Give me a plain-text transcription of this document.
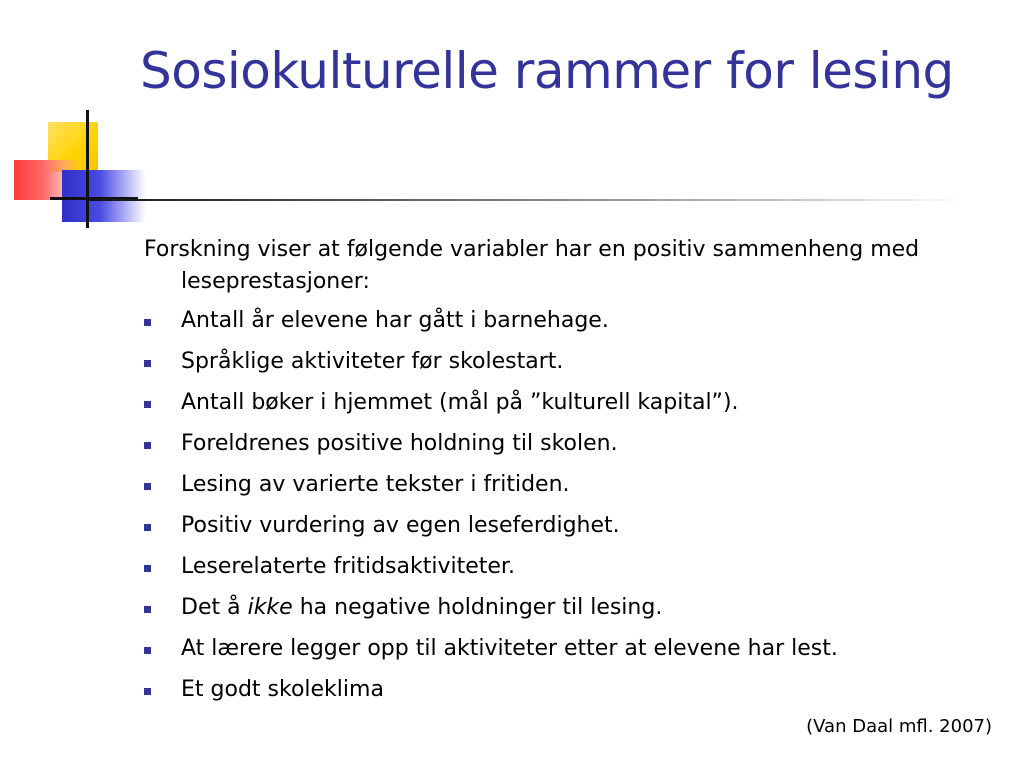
Sosiokulturelle rammer for lesing

Forskning viser at følgende variabler har en positiv sammenheng med leseprestasjoner:

Antall år elevene har gått i barnehage.
Språklige aktiviteter før skolestart.
Antall bøker i hjemmet (mål på ”kulturell kapital”).
Foreldrenes positive holdning til skolen.
Lesing av varierte tekster i fritiden.
Positiv vurdering av egen leseferdighet.
Leserelaterte fritidsaktiviteter.
Det å ikke ha negative holdninger til lesing.
At lærere legger opp til aktiviteter etter at elevene har lest.
Et godt skoleklima
(Van Daal mfl. 2007)
